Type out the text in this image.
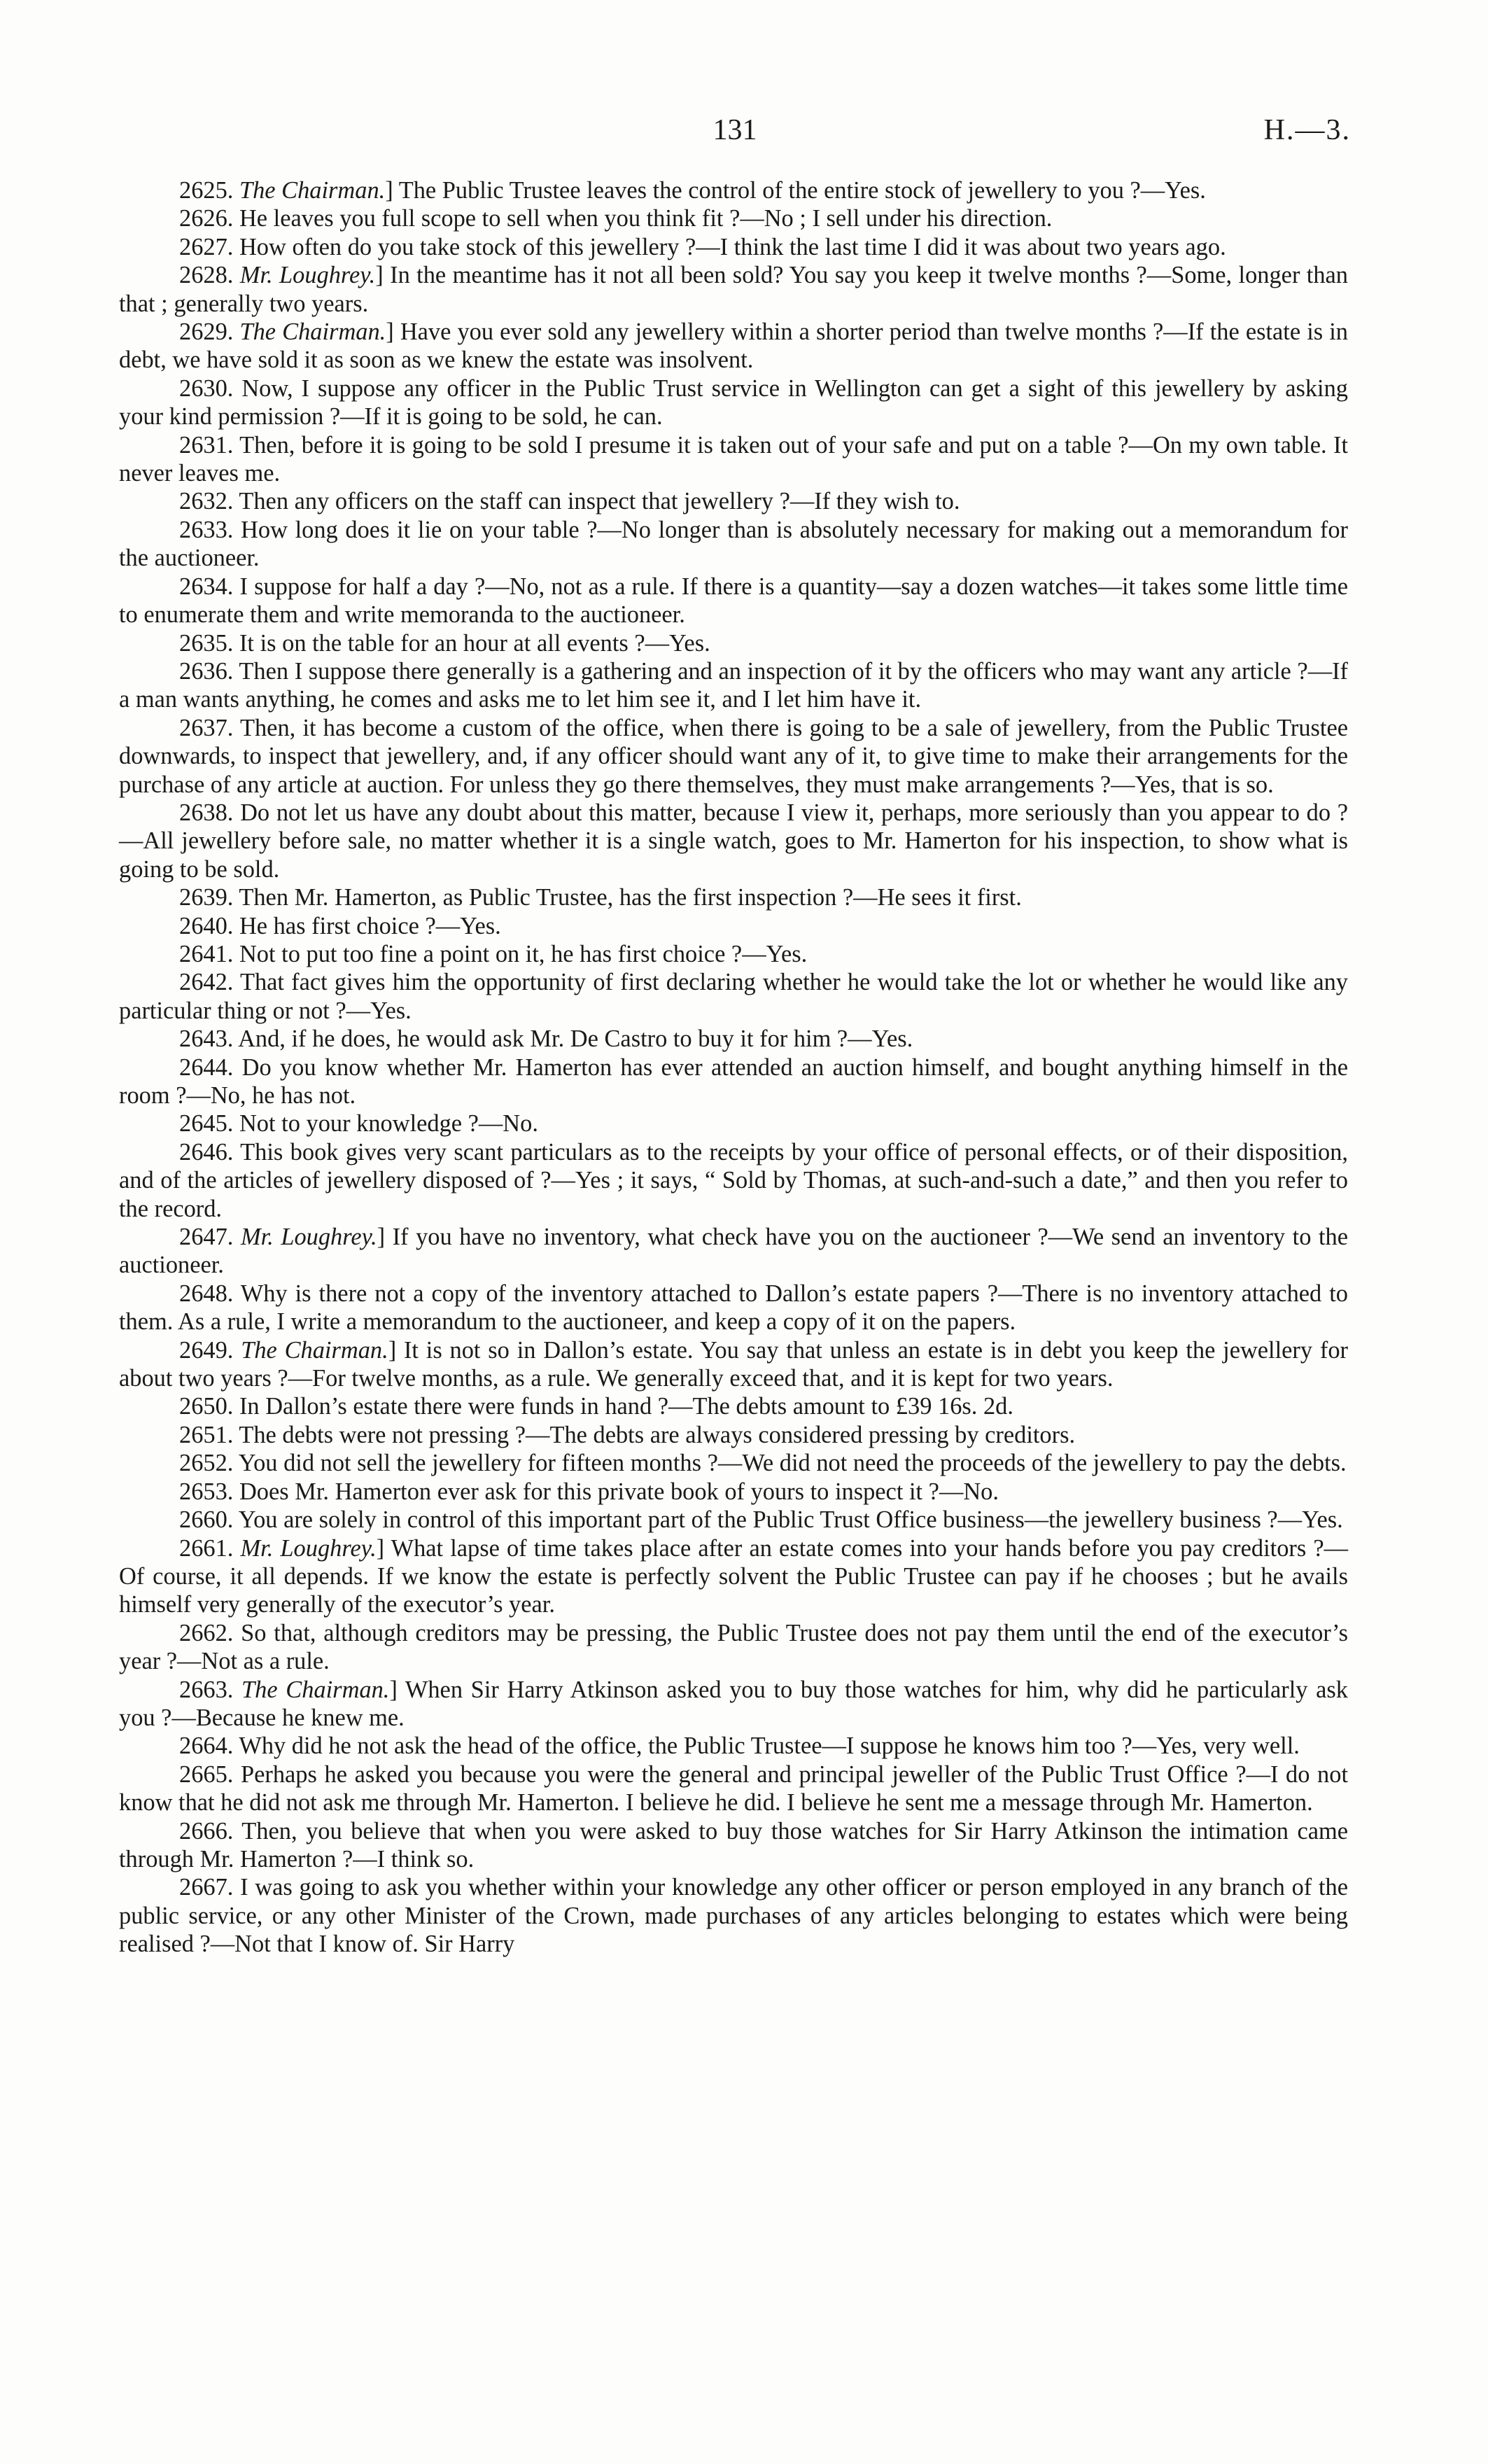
131	H.—3.

2625. The Chairman.] The Public Trustee leaves the control of the entire stock of jewellery to you ?—Yes.

2626. He leaves you full scope to sell when you think fit ?—No ; I sell under his direction.

2627. How often do you take stock of this jewellery ?—I think the last time I did it was about two years ago.

2628. Mr. Loughrey.] In the meantime has it not all been sold? You say you keep it twelve months ?—Some, longer than that ; generally two years.

2629. The Chairman.] Have you ever sold any jewellery within a shorter period than twelve months ?—If the estate is in debt, we have sold it as soon as we knew the estate was insolvent.

2630. Now, I suppose any officer in the Public Trust service in Wellington can get a sight of this jewellery by asking your kind permission ?—If it is going to be sold, he can.

2631. Then, before it is going to be sold I presume it is taken out of your safe and put on a table ?—On my own table. It never leaves me.

2632. Then any officers on the staff can inspect that jewellery ?—If they wish to.

2633. How long does it lie on your table ?—No longer than is absolutely necessary for making out a memorandum for the auctioneer.

2634. I suppose for half a day ?—No, not as a rule. If there is a quantity—say a dozen watches—it takes some little time to enumerate them and write memoranda to the auctioneer.

2635. It is on the table for an hour at all events ?—Yes.

2636. Then I suppose there generally is a gathering and an inspection of it by the officers who may want any article ?—If a man wants anything, he comes and asks me to let him see it, and I let him have it.

2637. Then, it has become a custom of the office, when there is going to be a sale of jewellery, from the Public Trustee downwards, to inspect that jewellery, and, if any officer should want any of it, to give time to make their arrangements for the purchase of any article at auction. For unless they go there themselves, they must make arrangements ?—Yes, that is so.

2638. Do not let us have any doubt about this matter, because I view it, perhaps, more seriously than you appear to do ?—All jewellery before sale, no matter whether it is a single watch, goes to Mr. Hamerton for his inspection, to show what is going to be sold.

2639. Then Mr. Hamerton, as Public Trustee, has the first inspection ?—He sees it first.

2640. He has first choice ?—Yes.

2641. Not to put too fine a point on it, he has first choice ?—Yes.

2642. That fact gives him the opportunity of first declaring whether he would take the lot or whether he would like any particular thing or not ?—Yes.

2643. And, if he does, he would ask Mr. De Castro to buy it for him ?—Yes.

2644. Do you know whether Mr. Hamerton has ever attended an auction himself, and bought anything himself in the room ?—No, he has not.

2645. Not to your knowledge ?—No.

2646. This book gives very scant particulars as to the receipts by your office of personal effects, or of their disposition, and of the articles of jewellery disposed of ?—Yes ; it says, “ Sold by Thomas, at such-and-such a date,” and then you refer to the record.

2647. Mr. Loughrey.] If you have no inventory, what check have you on the auctioneer ?—We send an inventory to the auctioneer.

2648. Why is there not a copy of the inventory attached to Dallon’s estate papers ?—There is no inventory attached to them. As a rule, I write a memorandum to the auctioneer, and keep a copy of it on the papers.

2649. The Chairman.] It is not so in Dallon’s estate. You say that unless an estate is in debt you keep the jewellery for about two years ?—For twelve months, as a rule. We generally exceed that, and it is kept for two years.

2650. In Dallon’s estate there were funds in hand ?—The debts amount to £39 16s. 2d.

2651. The debts were not pressing ?—The debts are always considered pressing by creditors.

2652. You did not sell the jewellery for fifteen months ?—We did not need the proceeds of the jewellery to pay the debts.

2653. Does Mr. Hamerton ever ask for this private book of yours to inspect it ?—No.

2660. You are solely in control of this important part of the Public Trust Office business—the jewellery business ?—Yes.

2661. Mr. Loughrey.] What lapse of time takes place after an estate comes into your hands before you pay creditors ?—Of course, it all depends. If we know the estate is perfectly solvent the Public Trustee can pay if he chooses ; but he avails himself very generally of the executor’s year.

2662. So that, although creditors may be pressing, the Public Trustee does not pay them until the end of the executor’s year ?—Not as a rule.

2663. The Chairman.] When Sir Harry Atkinson asked you to buy those watches for him, why did he particularly ask you ?—Because he knew me.

2664. Why did he not ask the head of the office, the Public Trustee—I suppose he knows him too ?—Yes, very well.

2665. Perhaps he asked you because you were the general and principal jeweller of the Public Trust Office ?—I do not know that he did not ask me through Mr. Hamerton. I believe he did. I believe he sent me a message through Mr. Hamerton.

2666. Then, you believe that when you were asked to buy those watches for Sir Harry Atkinson the intimation came through Mr. Hamerton ?—I think so.

2667. I was going to ask you whether within your knowledge any other officer or person employed in any branch of the public service, or any other Minister of the Crown, made purchases of any articles belonging to estates which were being realised ?—Not that I know of. Sir Harry
